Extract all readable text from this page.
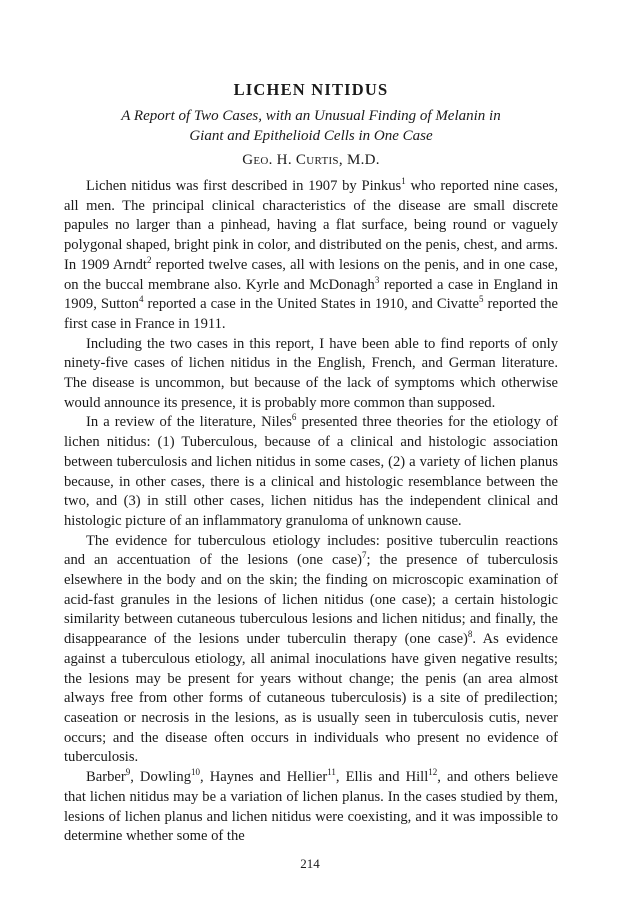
LICHEN NITIDUS
A Report of Two Cases, with an Unusual Finding of Melanin in
Giant and Epithelioid Cells in One Case
Geo. H. Curtis, M.D.

Lichen nitidus was first described in 1907 by Pinkus$^1$ who reported nine cases, all men. The principal clinical characteristics of the disease are small discrete papules no larger than a pinhead, having a flat surface, being round or vaguely polygonal shaped, bright pink in color, and distributed on the penis, chest, and arms. In 1909 Arndt$^2$ reported twelve cases, all with lesions on the penis, and in one case, on the buccal membrane also. Kyrle and McDonagh$^3$ reported a case in England in 1909, Sutton$^4$ reported a case in the United States in 1910, and Civatte$^5$ reported the first case in France in 1911.

Including the two cases in this report, I have been able to find reports of only ninety-five cases of lichen nitidus in the English, French, and German literature. The disease is uncommon, but because of the lack of symptoms which otherwise would announce its presence, it is probably more common than supposed.

In a review of the literature, Niles$^6$ presented three theories for the etiology of lichen nitidus: (1) Tuberculous, because of a clinical and histologic association between tuberculosis and lichen nitidus in some cases, (2) a variety of lichen planus because, in other cases, there is a clinical and histologic resemblance between the two, and (3) in still other cases, lichen nitidus has the independent clinical and histologic picture of an inflammatory granuloma of unknown cause.

The evidence for tuberculous etiology includes: positive tuberculin reactions and an accentuation of the lesions (one case)$^7$; the presence of tuberculosis elsewhere in the body and on the skin; the finding on microscopic examination of acid-fast granules in the lesions of lichen nitidus (one case); a certain histologic similarity between cutaneous tuberculous lesions and lichen nitidus; and finally, the disappearance of the lesions under tuberculin therapy (one case)$^8$. As evidence against a tuberculous etiology, all animal inoculations have given negative results; the lesions may be present for years without change; the penis (an area almost always free from other forms of cutaneous tuberculosis) is a site of predilection; caseation or necrosis in the lesions, as is usually seen in tuberculosis cutis, never occurs; and the disease often occurs in individuals who present no evidence of tuberculosis.

Barber$^9$, Dowling$^{10}$, Haynes and Hellier$^{11}$, Ellis and Hill$^{12}$, and others believe that lichen nitidus may be a variation of lichen planus. In the cases studied by them, lesions of lichen planus and lichen nitidus were coexisting, and it was impossible to determine whether some of the

214
